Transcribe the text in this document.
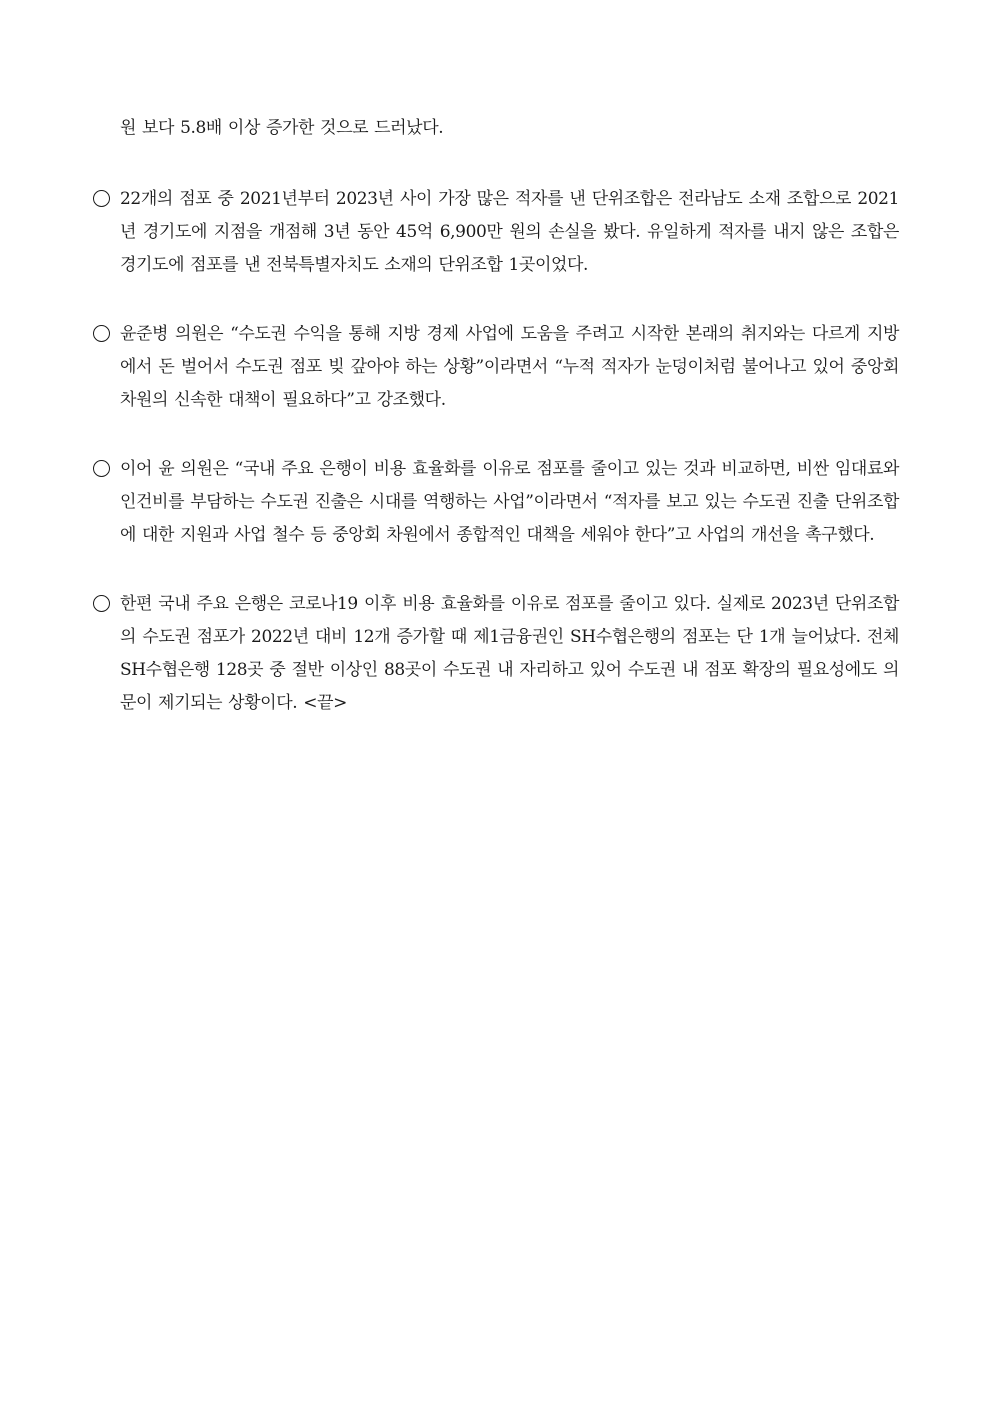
원 보다 5.8배 이상 증가한 것으로 드러났다.

22개의 점포 중 2021년부터 2023년 사이 가장 많은 적자를 낸 단위조합은 전라남도 소재 조합으로 2021년 경기도에 지점을 개점해 3년 동안 45억 6,900만 원의 손실을 봤다. 유일하게 적자를 내지 않은 조합은 경기도에 점포를 낸 전북특별자치도 소재의 단위조합 1곳이었다.
윤준병 의원은 “수도권 수익을 통해 지방 경제 사업에 도움을 주려고 시작한 본래의 취지와는 다르게 지방에서 돈 벌어서 수도권 점포 빚 갚아야 하는 상황”이라면서 “누적 적자가 눈덩이처럼 불어나고 있어 중앙회 차원의 신속한 대책이 필요하다”고 강조했다.
이어 윤 의원은 “국내 주요 은행이 비용 효율화를 이유로 점포를 줄이고 있는 것과 비교하면, 비싼 임대료와 인건비를 부담하는 수도권 진출은 시대를 역행하는 사업”이라면서 “적자를 보고 있는 수도권 진출 단위조합에 대한 지원과 사업 철수 등 중앙회 차원에서 종합적인 대책을 세워야 한다”고 사업의 개선을 촉구했다.
한편 국내 주요 은행은 코로나19 이후 비용 효율화를 이유로 점포를 줄이고 있다. 실제로 2023년 단위조합의 수도권 점포가 2022년 대비 12개 증가할 때 제1금융권인 SH수협은행의 점포는 단 1개 늘어났다. 전체 SH수협은행 128곳 중 절반 이상인 88곳이 수도권 내 자리하고 있어 수도권 내 점포 확장의 필요성에도 의문이 제기되는 상황이다. <끝>
